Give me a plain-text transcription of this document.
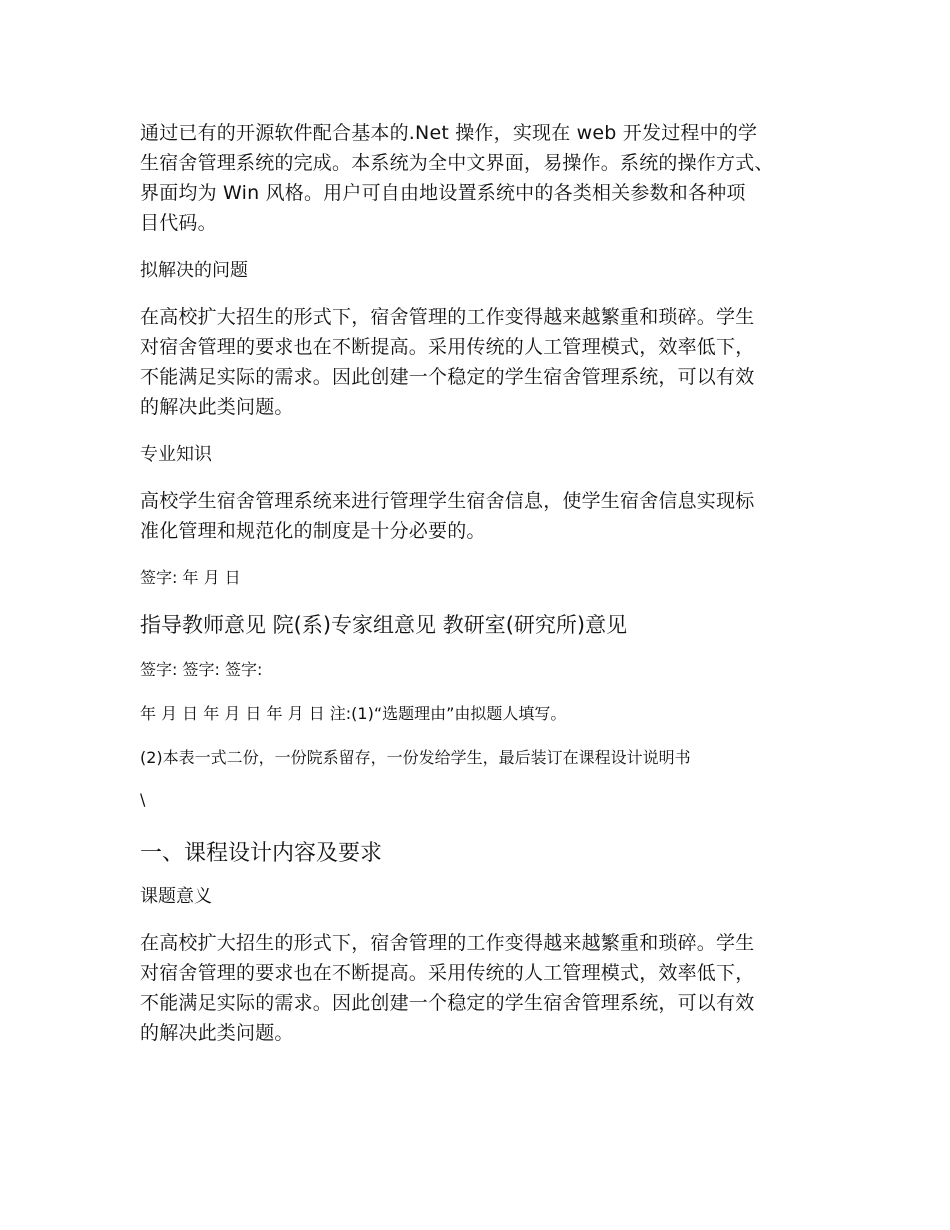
通过已有的开源软件配合基本的.Net 操作，实现在 web 开发过程中的学
生宿舍管理系统的完成。本系统为全中文界面，易操作。系统的操作方式、
界面均为 Win 风格。用户可自由地设置系统中的各类相关参数和各种项
目代码。

拟解决的问题

在高校扩大招生的形式下，宿舍管理的工作变得越来越繁重和琐碎。学生
对宿舍管理的要求也在不断提高。采用传统的人工管理模式，效率低下，
不能满足实际的需求。因此创建一个稳定的学生宿舍管理系统，可以有效
的解决此类问题。

专业知识

高校学生宿舍管理系统来进行管理学生宿舍信息，使学生宿舍信息实现标
准化管理和规范化的制度是十分必要的。

签字: 年 月 日

指导教师意见 院(系)专家组意见 教研室(研究所)意见

签字: 签字: 签字:

年 月 日 年 月 日 年 月 日 注:(1)“选题理由”由拟题人填写。

(2)本表一式二份，一份院系留存，一份发给学生，最后装订在课程设计说明书

\

一、课程设计内容及要求

课题意义

在高校扩大招生的形式下，宿舍管理的工作变得越来越繁重和琐碎。学生
对宿舍管理的要求也在不断提高。采用传统的人工管理模式，效率低下，
不能满足实际的需求。因此创建一个稳定的学生宿舍管理系统，可以有效
的解决此类问题。
